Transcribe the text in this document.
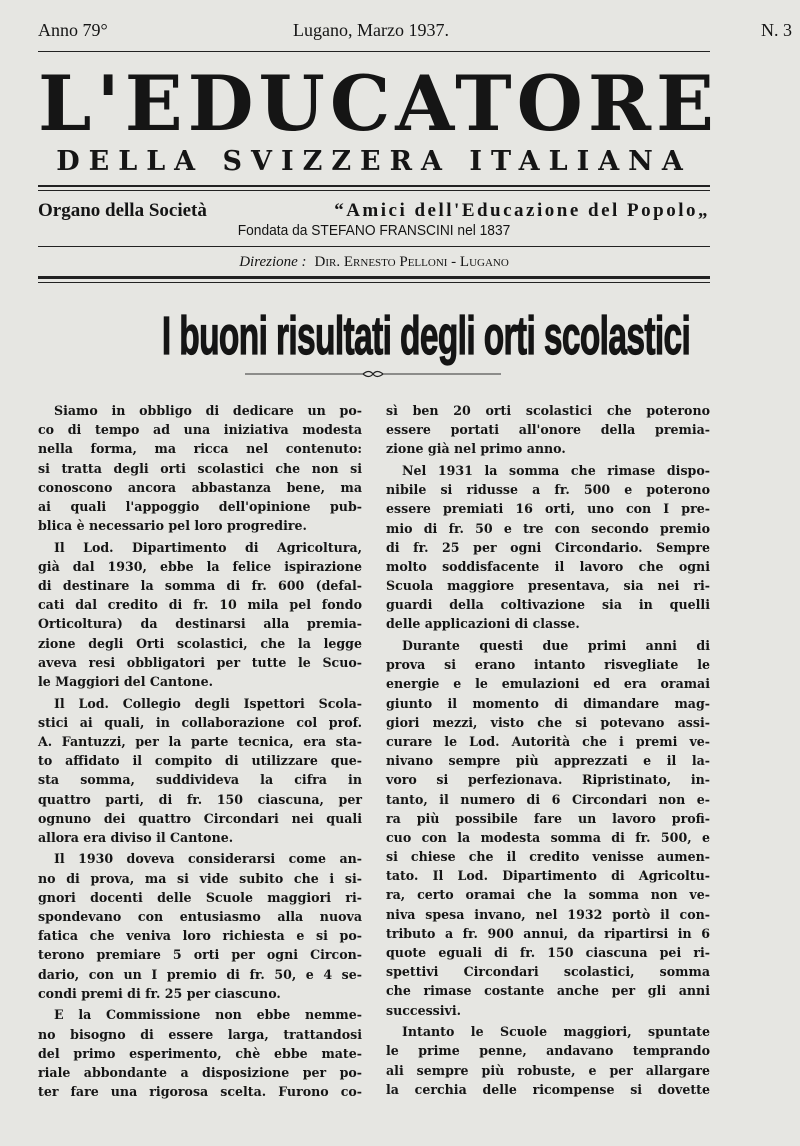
Anno 79°	Lugano, Marzo 1937.	N. 3
L'EDUCATORE
DELLA SVIZZERA ITALIANA
Organo della Società	“Amici dell'Educazione del Popolo„
Fondata da STEFANO FRANSCINI nel 1837
Direzione : Dir. Ernesto Pelloni - Lugano
I buoni risultati degli orti scolastici
Siamo in obbligo di dedicare un po-
co di tempo ad una iniziativa modesta
nella forma, ma ricca nel contenuto:
si tratta degli orti scolastici che non si
conoscono ancora abbastanza bene, ma
ai quali l'appoggio dell'opinione pub-
blica è necessario pel loro progredire.
Il Lod. Dipartimento di Agricoltura,
già dal 1930, ebbe la felice ispirazione
di destinare la somma di fr. 600 (defal-
cati dal credito di fr. 10 mila pel fondo
Orticoltura) da destinarsi alla premia-
zione degli Orti scolastici, che la legge
aveva resi obbligatori per tutte le Scuo-
le Maggiori del Cantone.
Il Lod. Collegio degli Ispettori Scola-
stici ai quali, in collaborazione col prof.
A. Fantuzzi, per la parte tecnica, era sta-
to affidato il compito di utilizzare que-
sta somma, suddivideva la cifra in
quattro parti, di fr. 150 ciascuna, per
ognuno dei quattro Circondari nei quali
allora era diviso il Cantone.
Il 1930 doveva considerarsi come an-
no di prova, ma si vide subito che i si-
gnori docenti delle Scuole maggiori ri-
spondevano con entusiasmo alla nuova
fatica che veniva loro richiesta e si po-
terono premiare 5 orti per ogni Circon-
dario, con un I premio di fr. 50, e 4 se-
condi premi di fr. 25 per ciascuno.
E la Commissione non ebbe nemme-
no bisogno di essere larga, trattandosi
del primo esperimento, chè ebbe mate-
riale abbondante a disposizione per po-
ter fare una rigorosa scelta. Furono co-
sì ben 20 orti scolastici che poterono
essere portati all'onore della premia-
zione già nel primo anno.
Nel 1931 la somma che rimase dispo-
nibile si ridusse a fr. 500 e poterono
essere premiati 16 orti, uno con I pre-
mio di fr. 50 e tre con secondo premio
di fr. 25 per ogni Circondario. Sempre
molto soddisfacente il lavoro che ogni
Scuola maggiore presentava, sia nei ri-
guardi della coltivazione sia in quelli
delle applicazioni di classe.
Durante questi due primi anni di
prova si erano intanto risvegliate le
energie e le emulazioni ed era oramai
giunto il momento di dimandare mag-
giori mezzi, visto che si potevano assi-
curare le Lod. Autorità che i premi ve-
nivano sempre più apprezzati e il la-
voro si perfezionava. Ripristinato, in-
tanto, il numero di 6 Circondari non e-
ra più possibile fare un lavoro profi-
cuo con la modesta somma di fr. 500, e
si chiese che il credito venisse aumen-
tato. Il Lod. Dipartimento di Agricoltu-
ra, certo oramai che la somma non ve-
niva spesa invano, nel 1932 portò il con-
tributo a fr. 900 annui, da ripartirsi in 6
quote eguali di fr. 150 ciascuna pei ri-
spettivi Circondari scolastici, somma
che rimase costante anche per gli anni
successivi.
Intanto le Scuole maggiori, spuntate
le prime penne, andavano temprando
ali sempre più robuste, e per allargare
la cerchia delle ricompense si dovette
